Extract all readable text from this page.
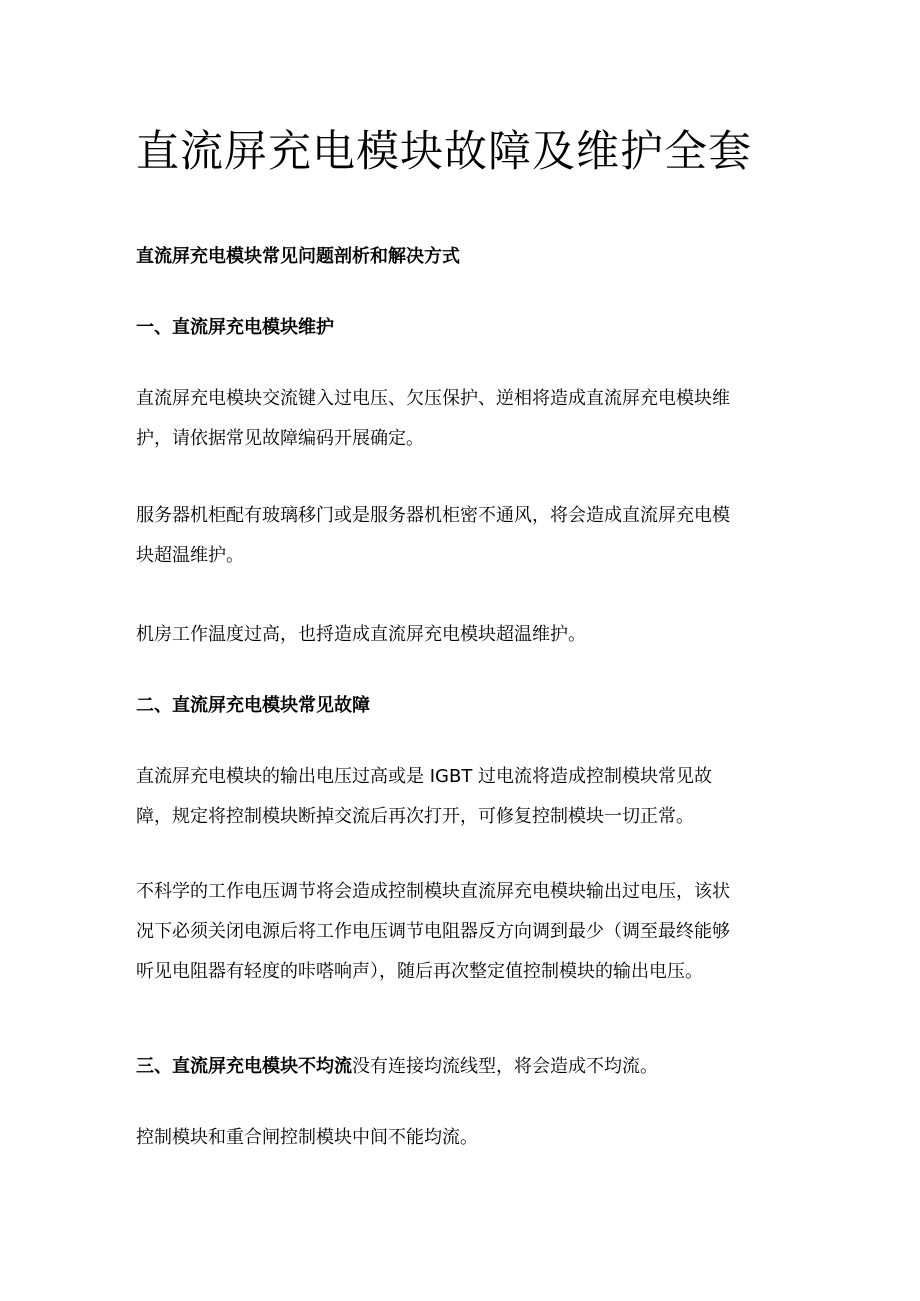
直流屏充电模块故障及维护全套
直流屏充电模块常见问题剖析和解决方式
一、直流屏充电模块维护
直流屏充电模块交流键入过电压、欠压保护、逆相将造成直流屏充电模块维
护，请依据常见故障编码开展确定。
服务器机柜配有玻璃移门或是服务器机柜密不通风，将会造成直流屏充电模
块超温维护。
机房工作温度过高，也捋造成直流屏充电模块超温维护。
二、直流屏充电模块常见故障
直流屏充电模块的输出电压过高或是 IGBT 过电流将造成控制模块常见故
障，规定将控制模块断掉交流后再次打开，可修复控制模块一切正常。
不科学的工作电压调节将会造成控制模块直流屏充电模块输出过电压，该状
况下必须关闭电源后将工作电压调节电阻器反方向调到最少（调至最终能够
听见电阻器有轻度的咔嗒响声），随后再次整定值控制模块的输出电压。
三、直流屏充电模块不均流没有连接均流线型，将会造成不均流。
控制模块和重合闸控制模块中间不能均流。
